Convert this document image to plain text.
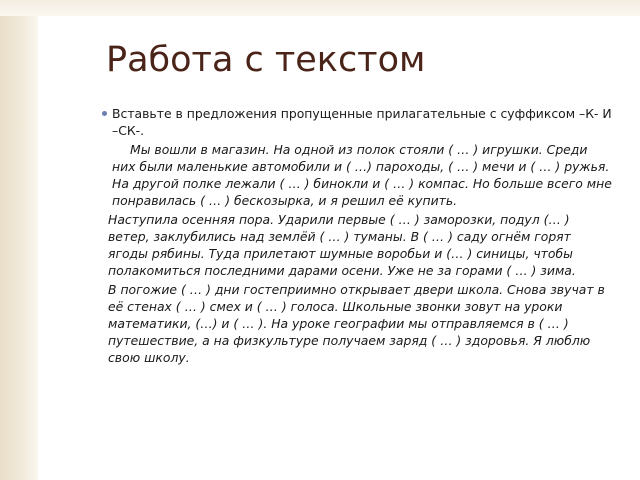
Работа с текстом

Вставьте в предложения пропущенные прилагательные с суффиксом –К- И –СК-.

Мы вошли в магазин. На одной из полок стояли ( … ) игрушки. Среди них были маленькие автомобили и ( …) пароходы, ( … ) мечи и ( … ) ружья. На другой полке лежали ( … ) бинокли и ( … ) компас. Но больше всего мне понравилась ( … ) бескозырка, и я решил её купить.

Наступила осенняя пора. Ударили первые ( … ) заморозки, подул (… ) ветер, заклубились над землёй ( … ) туманы. В ( … ) саду огнём горят ягоды рябины. Туда прилетают шумные воробьи и (… ) синицы, чтобы полакомиться последними дарами осени. Уже не за горами ( … ) зима.

В погожие ( … ) дни гостеприимно открывает двери школа. Снова звучат в её стенах ( … ) смех и ( … ) голоса. Школьные звонки зовут на уроки математики, (…) и ( … ). На уроке географии мы отправляемся в ( … ) путешествие, а на физкультуре получаем заряд ( … ) здоровья. Я люблю свою школу.
